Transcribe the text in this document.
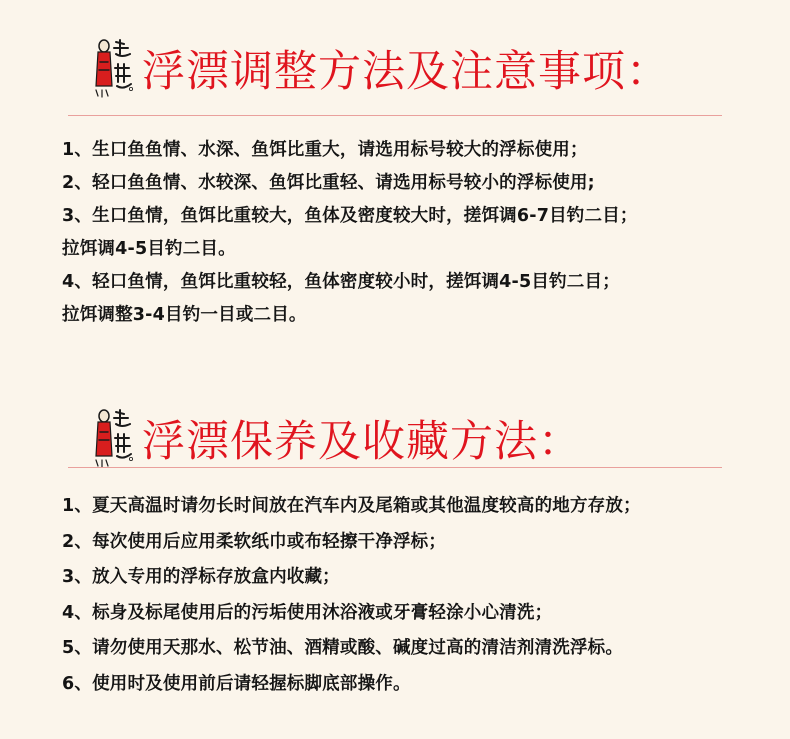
浮漂调整方法及注意事项：
1、生口鱼鱼情、水深、鱼饵比重大，请选用标号较大的浮标使用；
2、轻口鱼鱼情、水较深、鱼饵比重轻、请选用标号较小的浮标使用;
3、生口鱼情，鱼饵比重较大，鱼体及密度较大时，搓饵调6-7目钓二目；
拉饵调4-5目钓二目。
4、轻口鱼情，鱼饵比重较轻，鱼体密度较小时，搓饵调4-5目钓二目；
拉饵调整3-4目钓一目或二目。
浮漂保养及收藏方法：
1、夏天高温时请勿长时间放在汽车内及尾箱或其他温度较高的地方存放；
2、每次使用后应用柔软纸巾或布轻擦干净浮标；
3、放入专用的浮标存放盒内收藏；
4、标身及标尾使用后的污垢使用沐浴液或牙膏轻涂小心清洗；
5、请勿使用天那水、松节油、酒精或酸、碱度过高的清洁剂清洗浮标。
6、使用时及使用前后请轻握标脚底部操作。
